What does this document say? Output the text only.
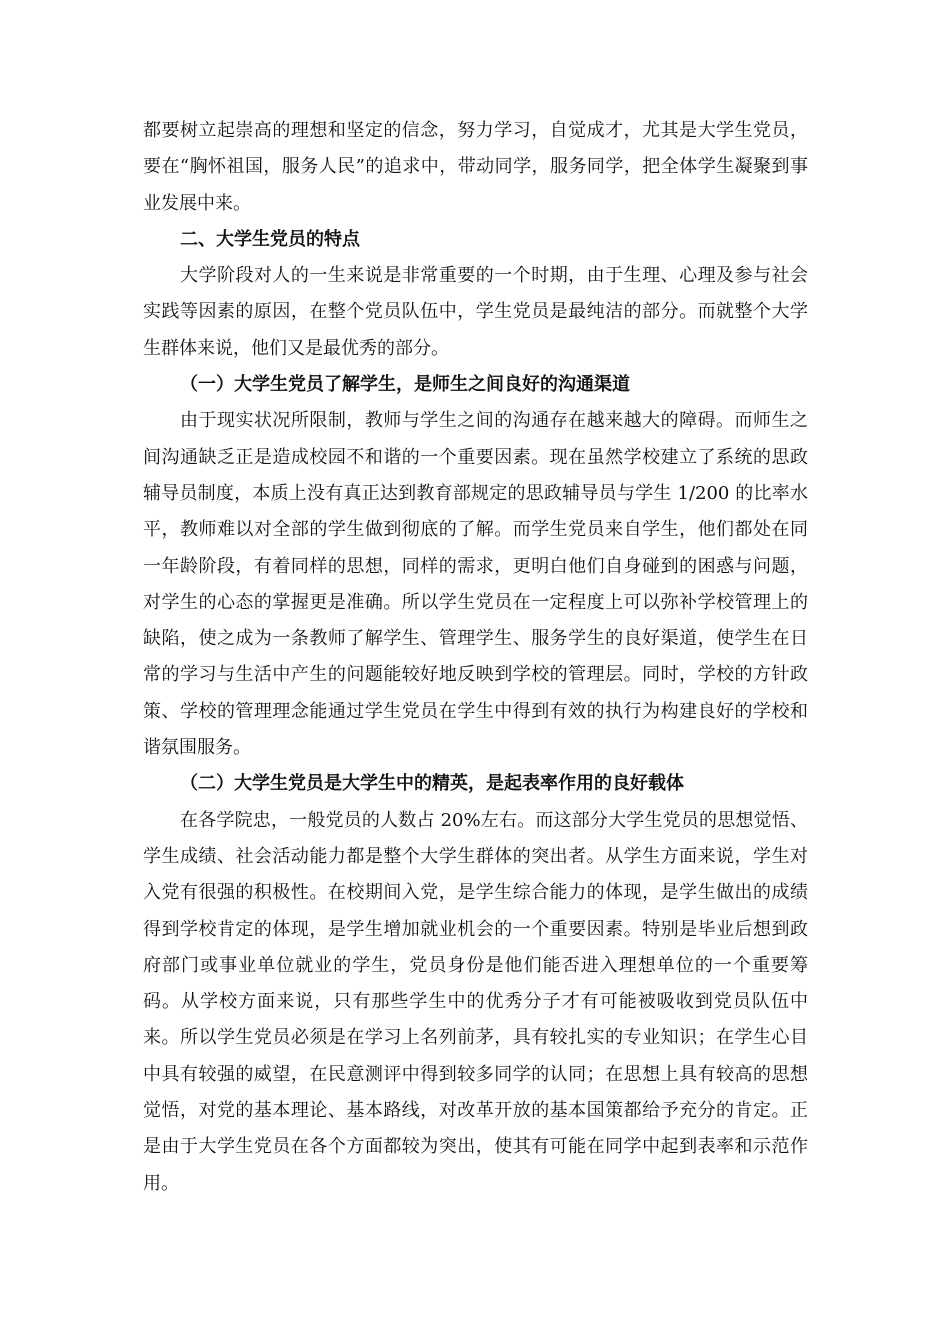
都要树立起崇高的理想和坚定的信念，努力学习，自觉成才，尤其是大学生党员，要在“胸怀祖国，服务人民”的追求中，带动同学，服务同学，把全体学生凝聚到事业发展中来。

二、大学生党员的特点

大学阶段对人的一生来说是非常重要的一个时期，由于生理、心理及参与社会实践等因素的原因，在整个党员队伍中，学生党员是最纯洁的部分。而就整个大学生群体来说，他们又是最优秀的部分。

（一）大学生党员了解学生，是师生之间良好的沟通渠道

由于现实状况所限制，教师与学生之间的沟通存在越来越大的障碍。而师生之间沟通缺乏正是造成校园不和谐的一个重要因素。现在虽然学校建立了系统的思政辅导员制度，本质上没有真正达到教育部规定的思政辅导员与学生 1/200 的比率水平，教师难以对全部的学生做到彻底的了解。而学生党员来自学生，他们都处在同一年龄阶段，有着同样的思想，同样的需求，更明白他们自身碰到的困惑与问题，对学生的心态的掌握更是准确。所以学生党员在一定程度上可以弥补学校管理上的缺陷，使之成为一条教师了解学生、管理学生、服务学生的良好渠道，使学生在日常的学习与生活中产生的问题能较好地反映到学校的管理层。同时，学校的方针政策、学校的管理理念能通过学生党员在学生中得到有效的执行为构建良好的学校和谐氛围服务。

（二）大学生党员是大学生中的精英，是起表率作用的良好载体

在各学院忠，一般党员的人数占 20%左右。而这部分大学生党员的思想觉悟、学生成绩、社会活动能力都是整个大学生群体的突出者。从学生方面来说，学生对入党有很强的积极性。在校期间入党，是学生综合能力的体现，是学生做出的成绩得到学校肯定的体现，是学生增加就业机会的一个重要因素。特别是毕业后想到政府部门或事业单位就业的学生，党员身份是他们能否进入理想单位的一个重要筹码。从学校方面来说，只有那些学生中的优秀分子才有可能被吸收到党员队伍中来。所以学生党员必须是在学习上名列前茅，具有较扎实的专业知识；在学生心目中具有较强的威望，在民意测评中得到较多同学的认同；在思想上具有较高的思想觉悟，对党的基本理论、基本路线，对改革开放的基本国策都给予充分的肯定。正是由于大学生党员在各个方面都较为突出，使其有可能在同学中起到表率和示范作用。
